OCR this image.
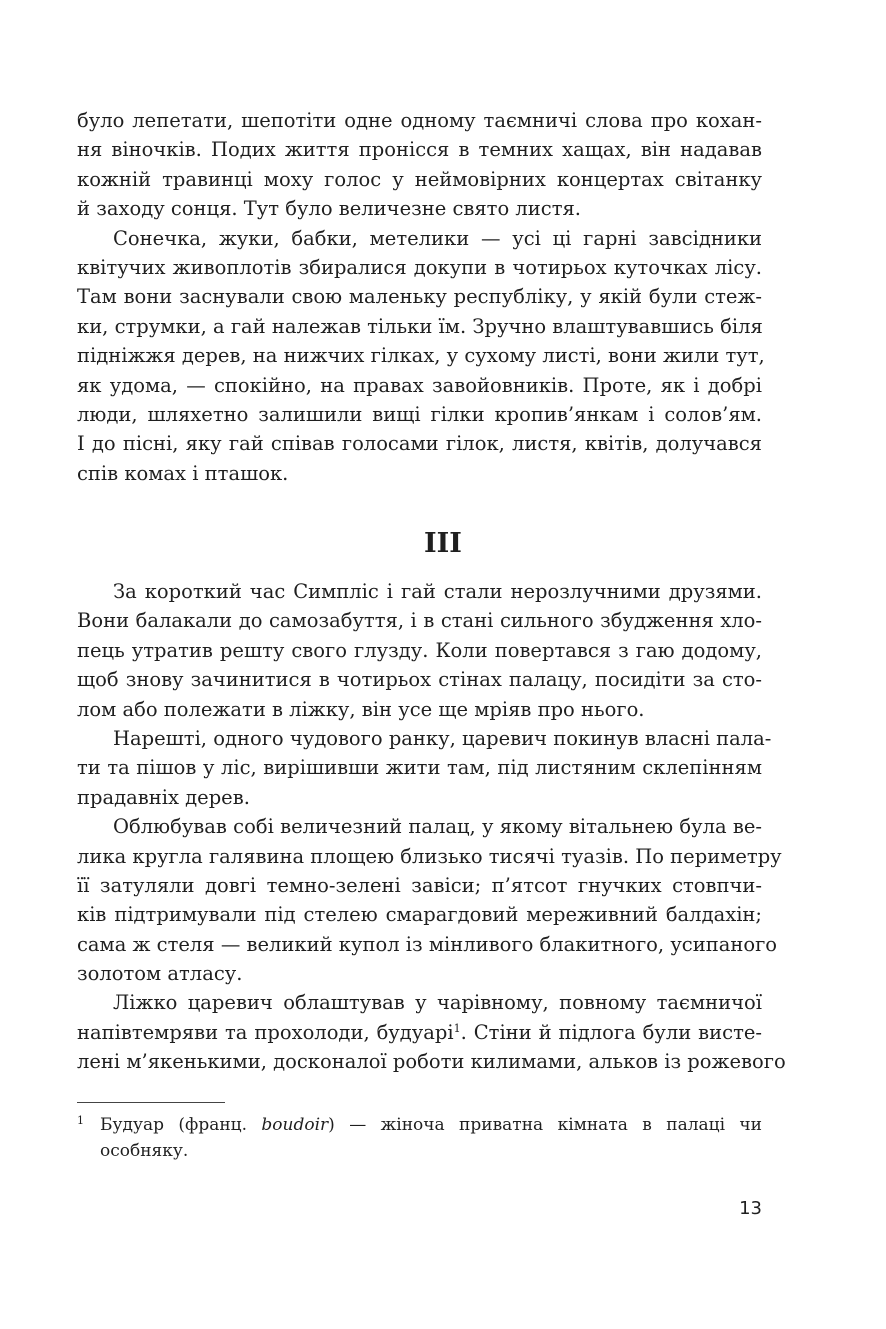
було лепетати, шепотіти одне одному таємничі слова про кохан-
ня віночків. Подих життя пронісся в темних хащах, він надавав
кожній травинці моху голос у неймовірних концертах світанку
й заходу сонця. Тут було величезне свято листя.
Сонечка, жуки, бабки, метелики — усі ці гарні завсідники
квітучих живоплотів збиралися докупи в чотирьох куточках лісу.
Там вони заснували свою маленьку республіку, у якій були стеж-
ки, струмки, а гай належав тільки їм. Зручно влаштувавшись біля
підніжжя дерев, на нижчих гілках, у сухому листі, вони жили тут,
як удома, — спокійно, на правах завойовників. Проте, як і добрі
люди, шляхетно залишили вищі гілки кропив’янкам і солов’ям.
І до пісні, яку гай співав голосами гілок, листя, квітів, долучався
спів комах і пташок.
III
За короткий час Симпліс і гай стали нерозлучними друзями.
Вони балакали до самозабуття, і в стані сильного збудження хло-
пець утратив решту свого глузду. Коли повертався з гаю додому,
щоб знову зачинитися в чотирьох стінах палацу, посидіти за сто-
лом або полежати в ліжку, він усе ще мріяв про нього.
Нарешті, одного чудового ранку, царевич покинув власні пала-
ти та пішов у ліс, вирішивши жити там, під листяним склепінням
прадавніх дерев.
Облюбував собі величезний палац, у якому вітальнею була ве-
лика кругла галявина площею близько тисячі туазів. По периметру
її затуляли довгі темно-зелені завіси; п’ятсот гнучких стовпчи-
ків підтримували під стелею смарагдовий мереживний балдахін;
сама ж стеля — великий купол із мінливого блакитного, усипаного
золотом атласу.
Ліжко царевич облаштував у чарівному, повному таємничої
напівтемряви та прохолоди, будуарі$^1$. Стіни й підлога були вистe-
лені м’якенькими, досконалої роботи килимами, альков із рожевого
1 Будуар (франц. boudoir) — жіноча приватна кімната в палаці чи
особняку.
13
